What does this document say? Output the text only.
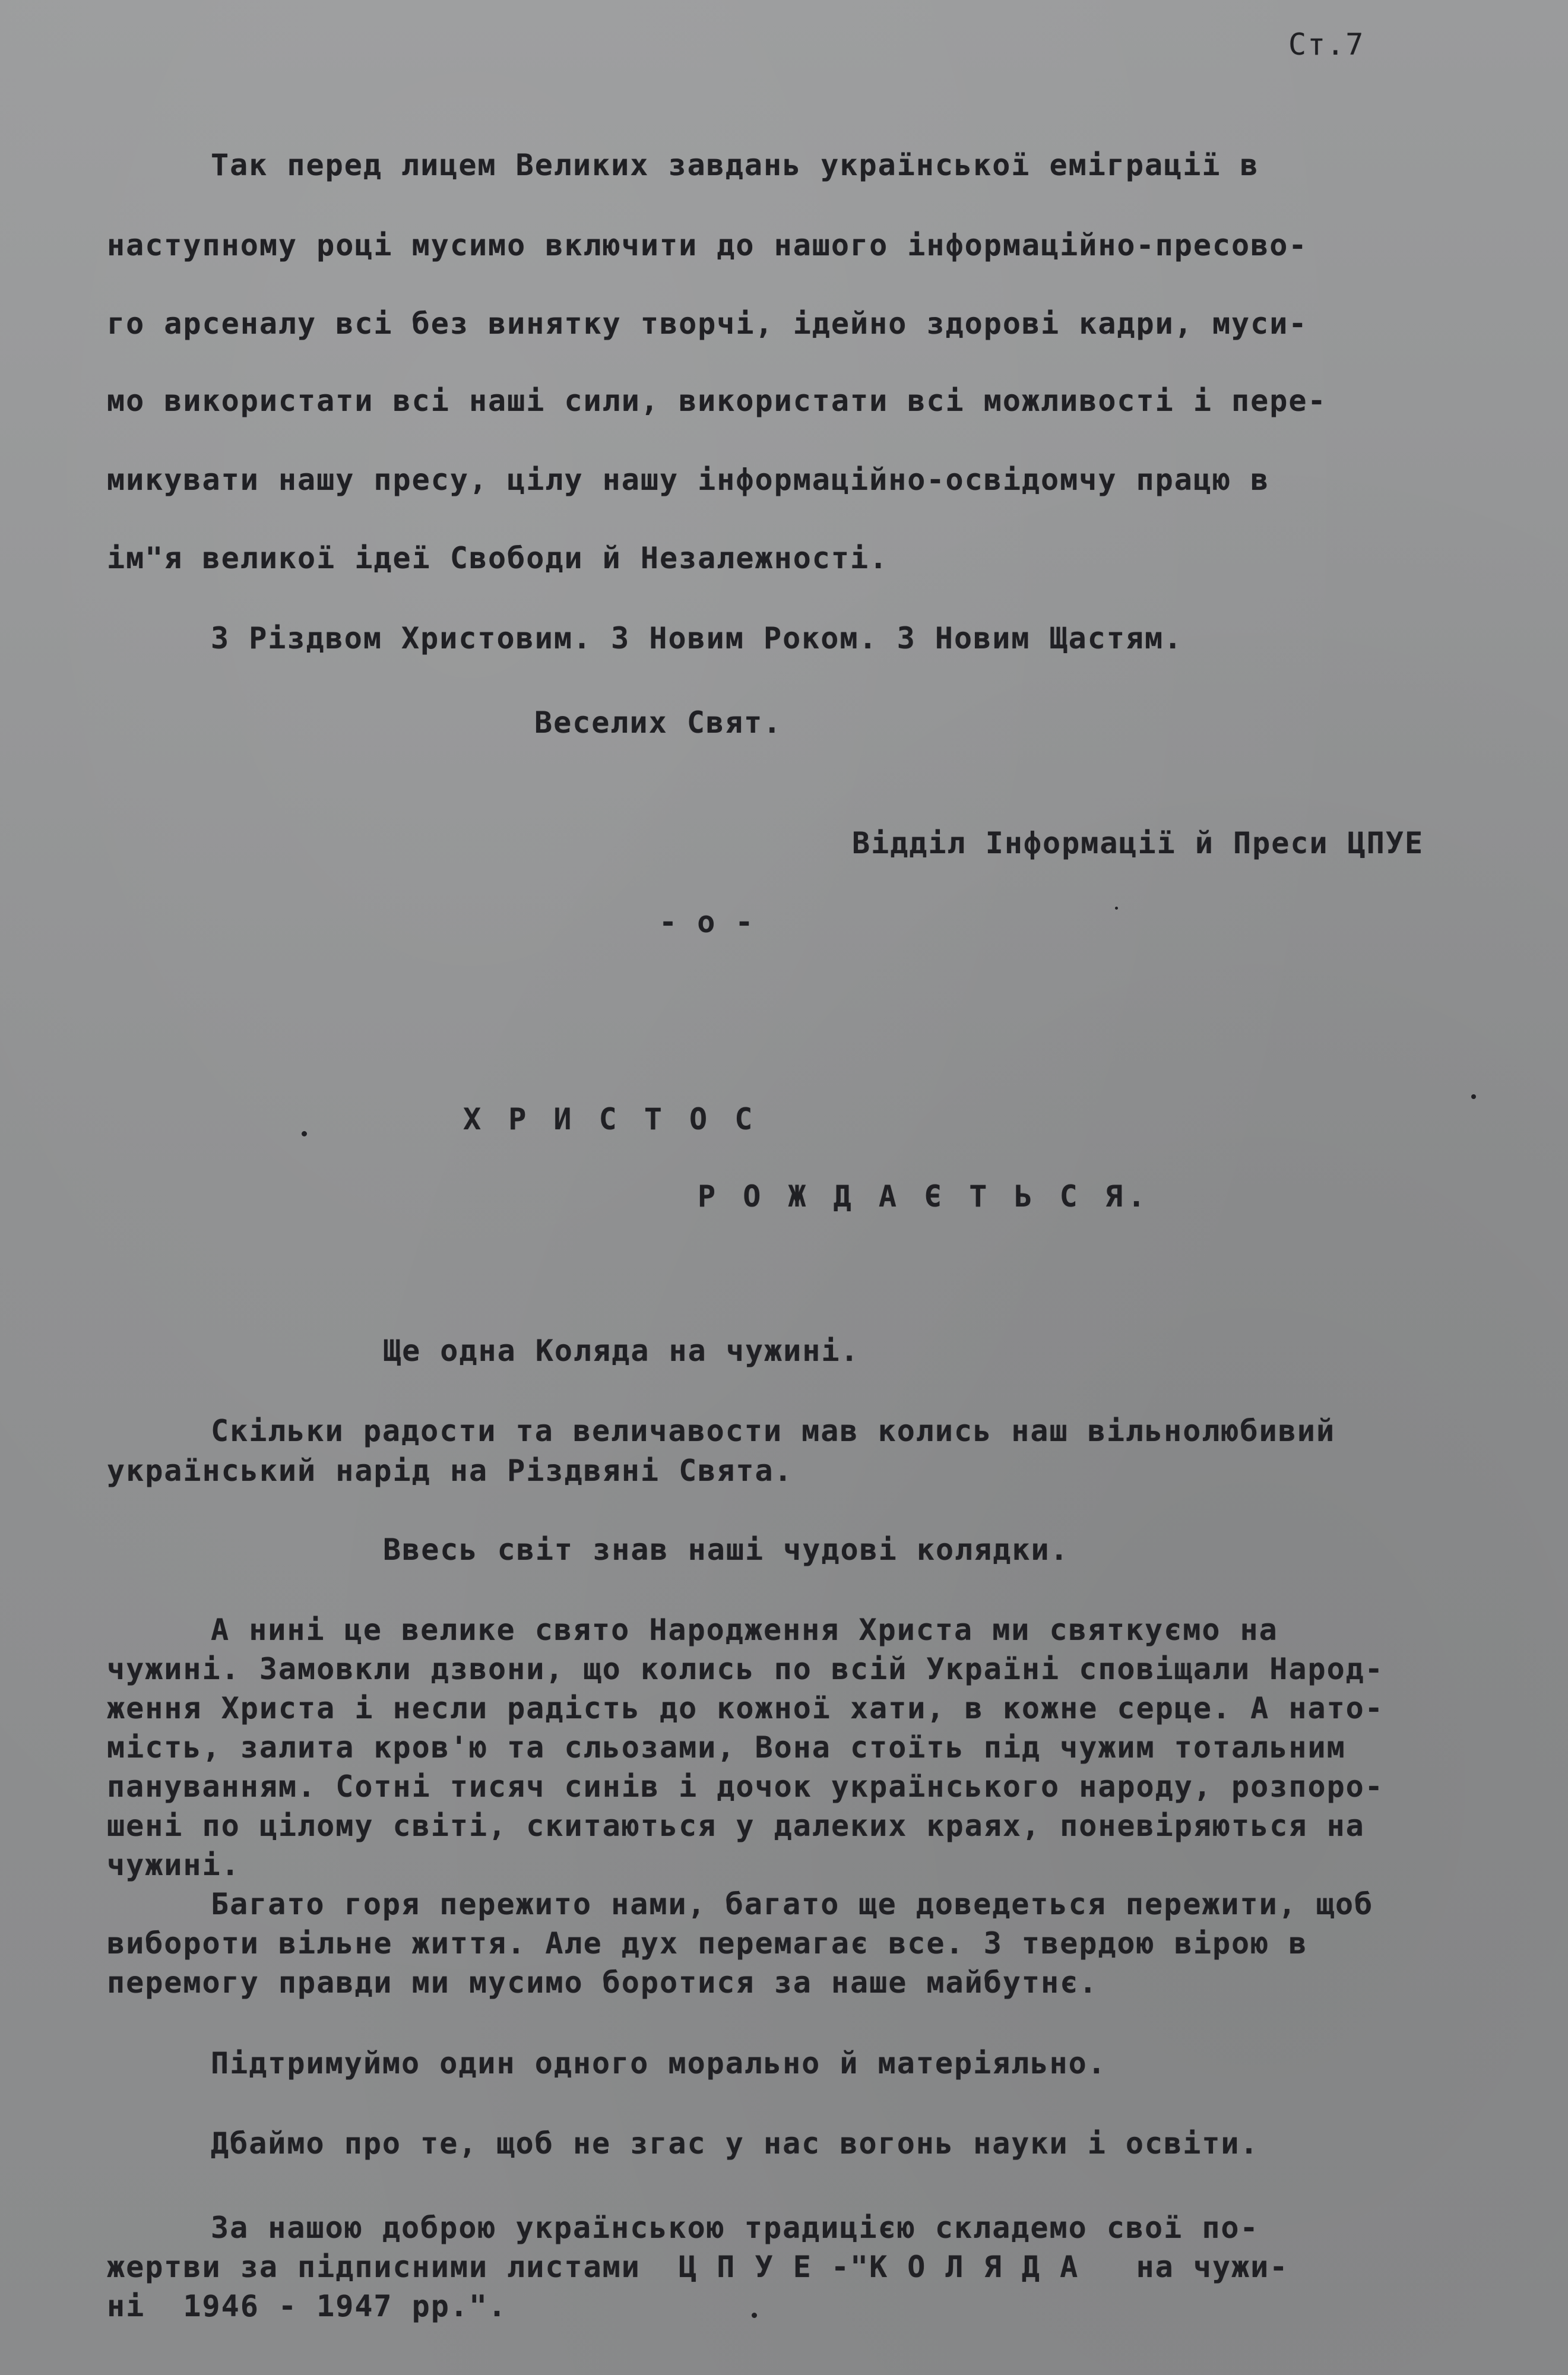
Ст.7
Так перед лицем Великих завдань української еміграції в
наступному році мусимо включити до нашого інформаційно-пресово-
го арсеналу всі без винятку творчі, ідейно здорові кадри, муси-
мо використати всі наші сили, використати всі можливості і пере-
микувати нашу пресу, цілу нашу інформаційно-освідомчу працю в
ім"я великої ідеї Свободи й Незалежності.
З Різдвом Христовим. З Новим Роком. З Новим Щастям.
Веселих Свят.
Відділ Інформації й Преси ЦПУЕ
- о -
Х Р И С Т О С
Р О Ж Д А Є Т Ь С Я.
Ще одна Коляда на чужині.
Скільки радости та величавости мав колись наш вільнолюбивий
український нарід на Різдвяні Свята.
Ввесь світ знав наші чудові колядки.
А нині це велике свято Народження Христа ми святкуємо на
чужині. Замовкли дзвони, що колись по всій Україні сповіщали Народ-
ження Христа і несли радість до кожної хати, в кожне серце. А нато-
мість, залита кров'ю та сльозами, Вона стоїть під чужим тотальним
пануванням. Сотні тисяч синів і дочок українського народу, розпоро-
шені по цілому світі, скитаються у далеких краях, поневіряються на
чужині.
Багато горя пережито нами, багато ще доведеться пережити, щоб
вибороти вільне життя. Але дух перемагає все. З твердою вірою в
перемогу правди ми мусимо боротися за наше майбутнє.
Підтримуймо один одного морально й матеріяльно.
Дбаймо про те, щоб не згас у нас вогонь науки і освіти.
За нашою доброю українською традицією складемо свої по-
жертви за підписними листами  Ц П У Е -"К О Л Я Д А   на чужи-
ні  1946 - 1947 рр.".
